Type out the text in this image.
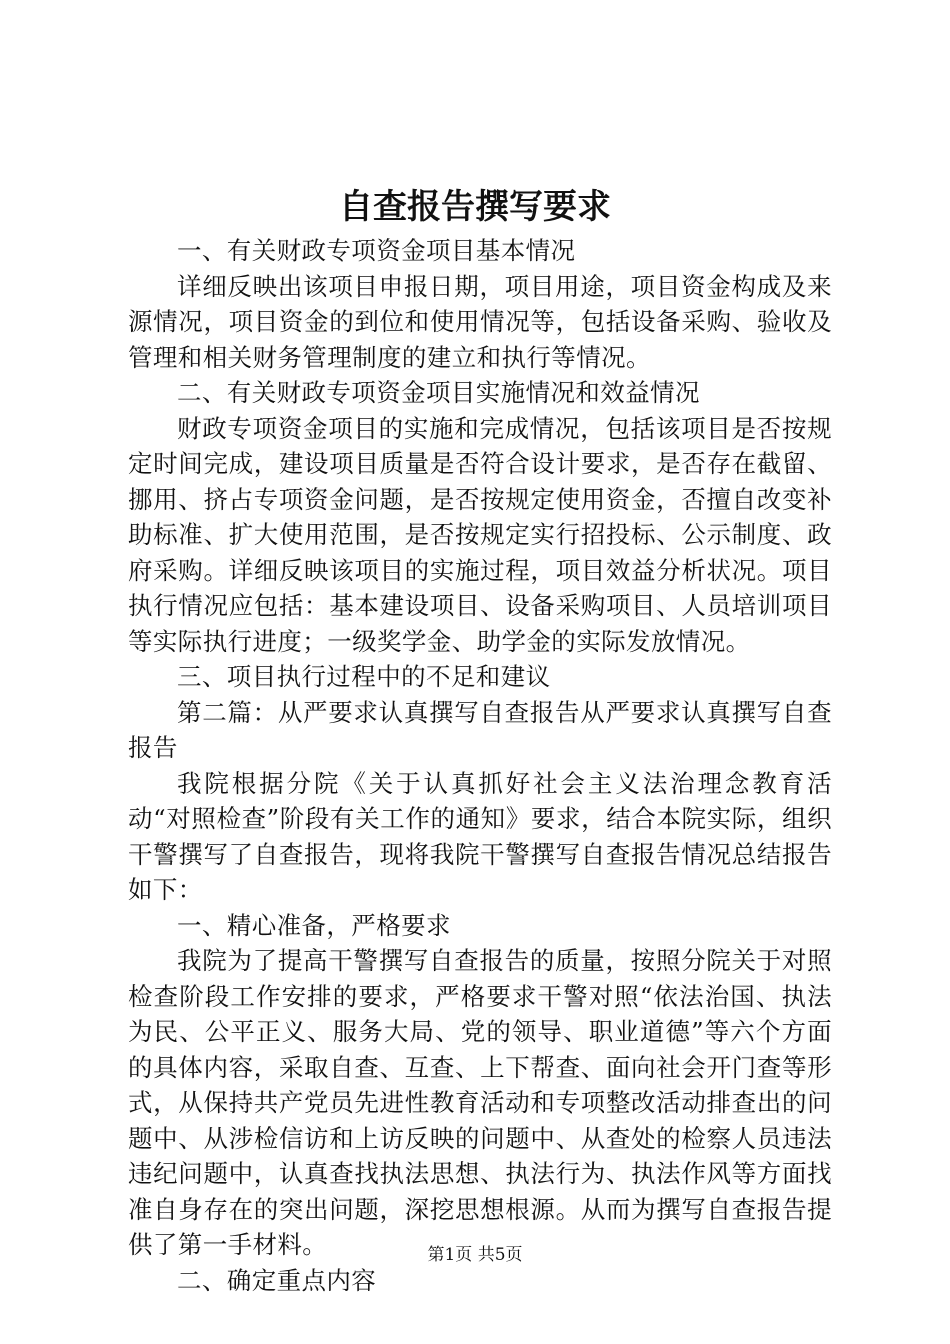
自查报告撰写要求

一、有关财政专项资金项目基本情况

详细反映出该项目申报日期，项目用途，项目资金构成及来源情况，项目资金的到位和使用情况等，包括设备采购、验收及管理和相关财务管理制度的建立和执行等情况。

二、有关财政专项资金项目实施情况和效益情况

财政专项资金项目的实施和完成情况，包括该项目是否按规定时间完成，建设项目质量是否符合设计要求，是否存在截留、挪用、挤占专项资金问题，是否按规定使用资金，否擅自改变补助标准、扩大使用范围，是否按规定实行招投标、公示制度、政府采购。详细反映该项目的实施过程，项目效益分析状况。项目执行情况应包括：基本建设项目、设备采购项目、人员培训项目等实际执行进度；一级奖学金、助学金的实际发放情况。

三、项目执行过程中的不足和建议

第二篇：从严要求认真撰写自查报告从严要求认真撰写自查报告

我院根据分院《关于认真抓好社会主义法治理念教育活动“对照检查”阶段有关工作的通知》要求，结合本院实际，组织干警撰写了自查报告，现将我院干警撰写自查报告情况总结报告如下：

一、精心准备，严格要求

我院为了提高干警撰写自查报告的质量，按照分院关于对照检查阶段工作安排的要求，严格要求干警对照“依法治国、执法为民、公平正义、服务大局、党的领导、职业道德”等六个方面的具体内容，采取自查、互查、上下帮查、面向社会开门查等形式，从保持共产党员先进性教育活动和专项整改活动排查出的问题中、从涉检信访和上访反映的问题中、从查处的检察人员违法违纪问题中，认真查找执法思想、执法行为、执法作风等方面找准自身存在的突出问题，深挖思想根源。从而为撰写自查报告提供了第一手材料。

二、确定重点内容

第1页 共5页
